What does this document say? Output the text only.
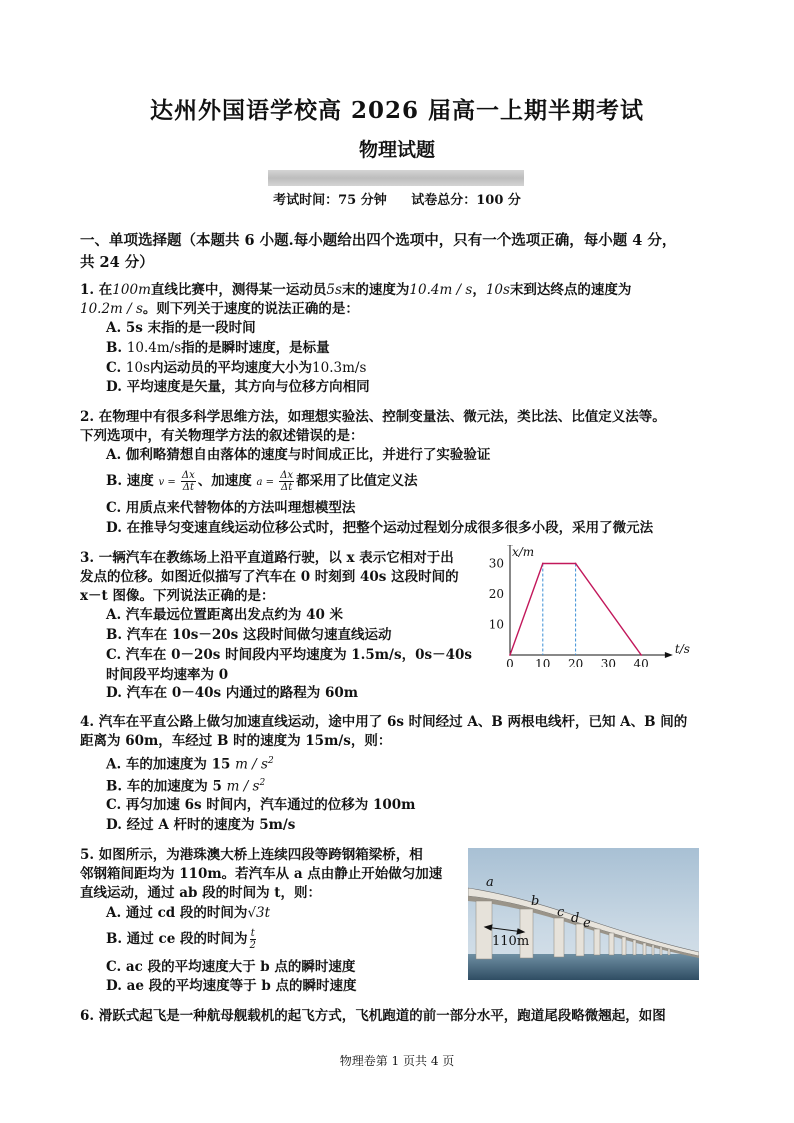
达州外国语学校高 2026 届高一上期半期考试
物理试题
考试时间：75 分钟 试卷总分：100 分
一、单项选择题（本题共 6 小题.每小题给出四个选项中，只有一个选项正确，每小题 4 分，
共 24 分）
1. 在100m直线比赛中，测得某一运动员5s末的速度为10.4m / s，10s末到达终点的速度为
10.2m / s。则下列关于速度的说法正确的是：
A. 5s 末指的是一段时间
B. 10.4m/s指的是瞬时速度，是标量
C. 10s内运动员的平均速度大小为10.3m/s
D. 平均速度是矢量，其方向与位移方向相同
2. 在物理中有很多科学思维方法，如理想实验法、控制变量法、微元法，类比法、比值定义法等。
下列选项中，有关物理学方法的叙述错误的是：
A. 伽利略猜想自由落体的速度与时间成正比，并进行了实验验证
B. 速度 $v = \frac{\Delta x}{\Delta t}$ 、加速度 $a = \frac{\Delta x}{\Delta t}$ 都采用了比值定义法
C. 用质点来代替物体的方法叫理想模型法
D. 在推导匀变速直线运动位移公式时，把整个运动过程划分成很多很多小段，采用了微元法
3. 一辆汽车在教练场上沿平直道路行驶，以 x 表示它相对于出
发点的位移。如图近似描写了汽车在 0 时刻到 40s 这段时间的
x－t 图像。下列说法正确的是：
A. 汽车最远位置距离出发点约为 40 米
B. 汽车在 10s－20s 这段时间做匀速直线运动
C. 汽车在 0－20s 时间段内平均速度为 1.5m/s，0s－40s
时间段平均速率为 0
D. 汽车在 0－40s 内通过的路程为 60m
0 10 20 30 40
10
20
30
x/m
t/s
4. 汽车在平直公路上做匀加速直线运动，途中用了 6s 时间经过 A、B 两根电线杆，已知 A、B 间的
距离为 60m，车经过 B 时的速度为 15m/s，则：
A. 车的加速度为 15 m / $s^2$
B. 车的加速度为 5 m / $s^2$
C. 再匀加速 6s 时间内，汽车通过的位移为 100m
D. 经过 A 杆时的速度为 5m/s
5. 如图所示，为港珠澳大桥上连续四段等跨钢箱梁桥，相
邻钢箱间距均为 110m。若汽车从 a 点由静止开始做匀加速
直线运动，通过 ab 段的时间为 t，则：
A. 通过 cd 段的时间为√3t
B. 通过 ce 段的时间为 $\frac{t}{2}$
C. ac 段的平均速度大于 b 点的瞬时速度
D. ae 段的平均速度等于 b 点的瞬时速度
a
b
c d e
110m
6. 滑跃式起飞是一种航母舰载机的起飞方式，飞机跑道的前一部分水平，跑道尾段略微翘起，如图
物理卷第 1 页共 4 页
